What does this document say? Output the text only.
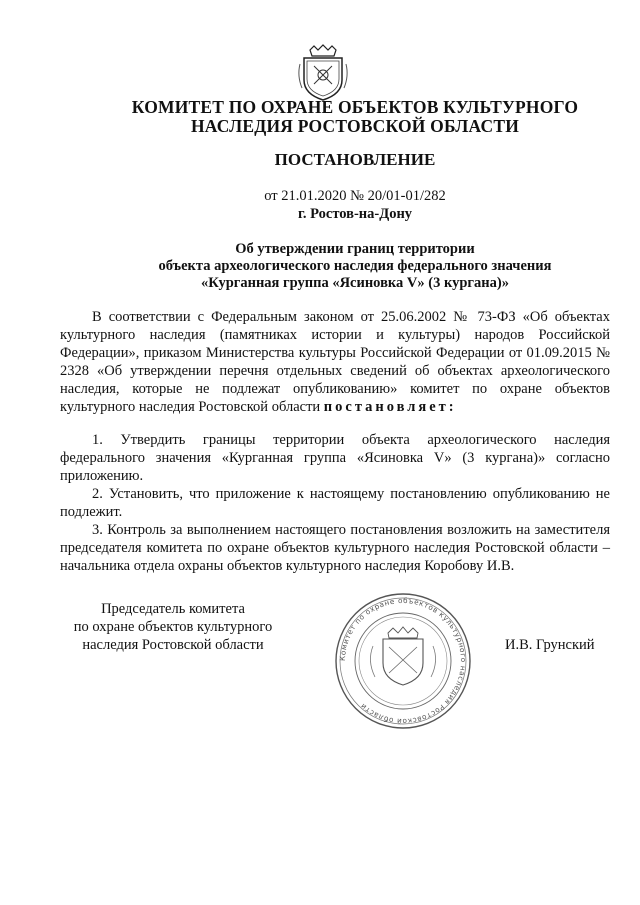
КОМИТЕТ ПО ОХРАНЕ ОБЪЕКТОВ КУЛЬТУРНОГО
НАСЛЕДИЯ РОСТОВСКОЙ ОБЛАСТИ
ПОСТАНОВЛЕНИЕ
от 21.01.2020 № 20/01-01/282
г. Ростов-на-Дону
Об утверждении границ территории
объекта археологического наследия федерального значения
«Курганная группа «Ясиновка V» (3 кургана)»

В соответствии с Федеральным законом от 25.06.2002 № 73-ФЗ «Об объектах культурного наследия (памятниках истории и культуры) народов Российской Федерации», приказом Министерства культуры Российской Федерации от 01.09.2015 № 2328 «Об утверждении перечня отдельных сведений об объектах археологического наследия, которые не подлежат опубликованию» комитет по охране объектов культурного наследия Ростовской области постановляет:

1. Утвердить границы территории объекта археологического наследия федерального значения «Курганная группа «Ясиновка V» (3 кургана)» согласно приложению.

2. Установить, что приложение к настоящему постановлению опубликованию не подлежит.

3. Контроль за выполнением настоящего постановления возложить на заместителя председателя комитета по охране объектов культурного наследия Ростовской области – начальника отдела охраны объектов культурного наследия Коробову И.В.

Председатель комитета
по охране объектов культурного
наследия Ростовской области
Комитет по охране объектов культурного наследия Ростовской области
И.В. Грунский
